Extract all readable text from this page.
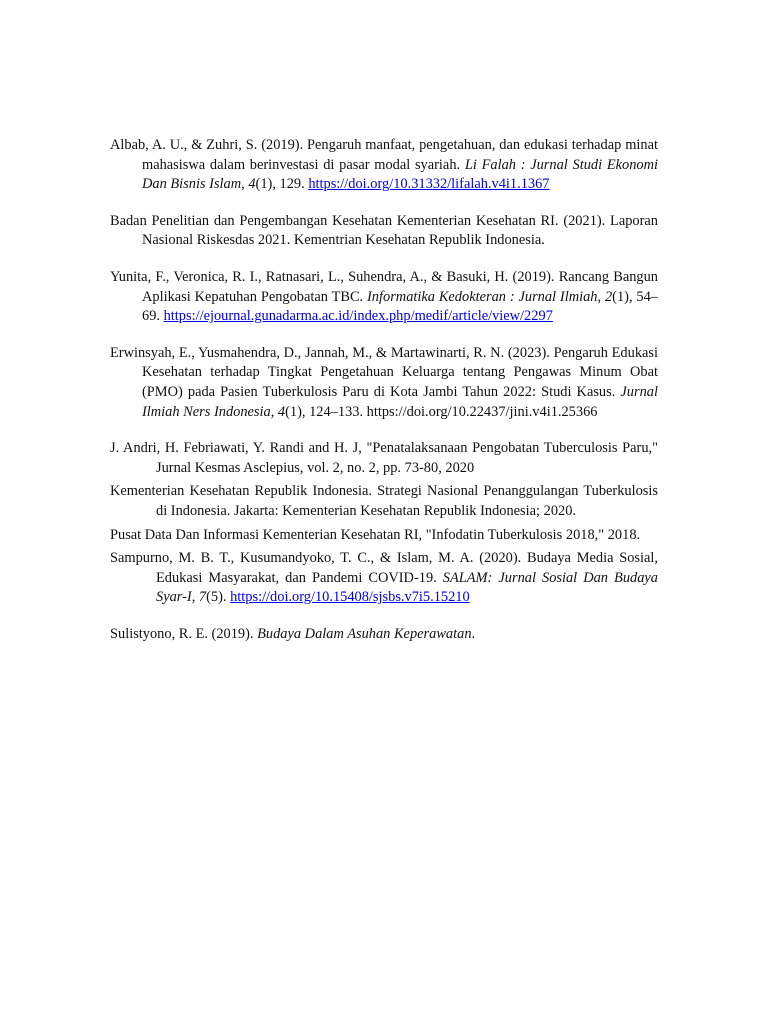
Albab, A. U., & Zuhri, S. (2019). Pengaruh manfaat, pengetahuan, dan edukasi terhadap minat mahasiswa dalam berinvestasi di pasar modal syariah. Li Falah : Jurnal Studi Ekonomi Dan Bisnis Islam, 4(1), 129. https://doi.org/10.31332/lifalah.v4i1.1367

Badan Penelitian dan Pengembangan Kesehatan Kementerian Kesehatan RI. (2021). Laporan Nasional Riskesdas 2021. Kementrian Kesehatan Republik Indonesia.

Yunita, F., Veronica, R. I., Ratnasari, L., Suhendra, A., & Basuki, H. (2019). Rancang Bangun Aplikasi Kepatuhan Pengobatan TBC. Informatika Kedokteran : Jurnal Ilmiah, 2(1), 54–69. https://ejournal.gunadarma.ac.id/index.php/medif/article/view/2297

Erwinsyah, E., Yusmahendra, D., Jannah, M., & Martawinarti, R. N. (2023). Pengaruh Edukasi Kesehatan terhadap Tingkat Pengetahuan Keluarga tentang Pengawas Minum Obat (PMO) pada Pasien Tuberkulosis Paru di Kota Jambi Tahun 2022: Studi Kasus. Jurnal Ilmiah Ners Indonesia, 4(1), 124–133. https://doi.org/10.22437/jini.v4i1.25366

J. Andri, H. Febriawati, Y. Randi and H. J, "Penatalaksanaan Pengobatan Tuberculosis Paru," Jurnal Kesmas Asclepius, vol. 2, no. 2, pp. 73-80, 2020

Kementerian Kesehatan Republik Indonesia. Strategi Nasional Penanggulangan Tuberkulosis di Indonesia. Jakarta: Kementerian Kesehatan Republik Indonesia; 2020.

Pusat Data Dan Informasi Kementerian Kesehatan RI, "Infodatin Tuberkulosis 2018," 2018.

Sampurno, M. B. T., Kusumandyoko, T. C., & Islam, M. A. (2020). Budaya Media Sosial, Edukasi Masyarakat, dan Pandemi COVID-19. SALAM: Jurnal Sosial Dan Budaya Syar-I, 7(5). https://doi.org/10.15408/sjsbs.v7i5.15210

Sulistyono, R. E. (2019). Budaya Dalam Asuhan Keperawatan.
